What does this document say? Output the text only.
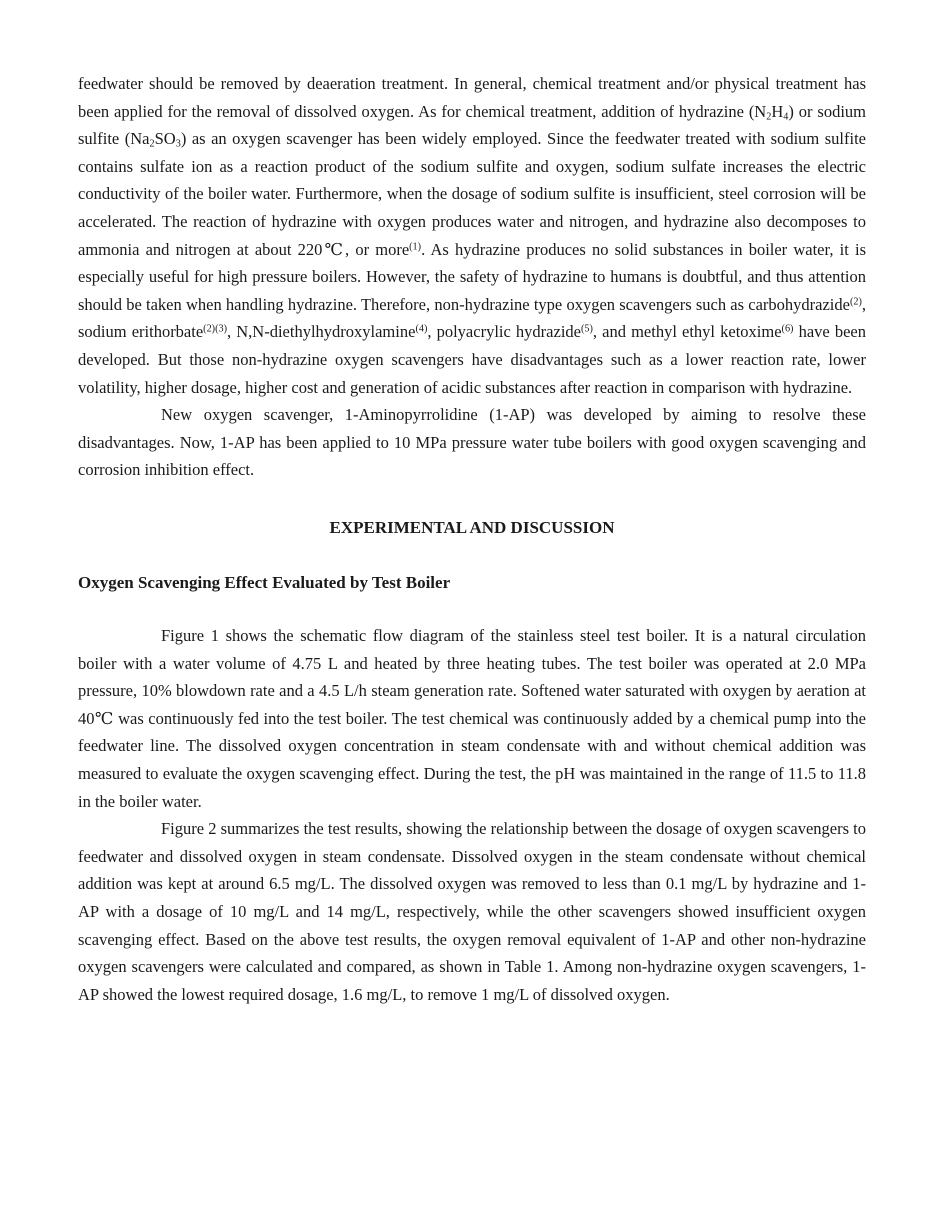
feedwater should be removed by deaeration treatment. In general, chemical treatment and/or physical treatment has been applied for the removal of dissolved oxygen. As for chemical treatment, addition of hydrazine $(N_2H_4)$ or sodium sulfite $(Na_2SO_3)$ as an oxygen scavenger has been widely employed. Since the feedwater treated with sodium sulfite contains sulfate ion as a reaction product of the sodium sulfite and oxygen, sodium sulfate increases the electric conductivity of the boiler water. Furthermore, when the dosage of sodium sulfite is insufficient, steel corrosion will be accelerated. The reaction of hydrazine with oxygen produces water and nitrogen, and hydrazine also decomposes to ammonia and nitrogen at about 220℃, or more$^{(1)}$. As hydrazine produces no solid substances in boiler water, it is especially useful for high pressure boilers. However, the safety of hydrazine to humans is doubtful, and thus attention should be taken when handling hydrazine. Therefore, non-hydrazine type oxygen scavengers such as carbohydrazide$^{(2)}$, sodium erithorbate$^{(2)(3)}$, N,N-diethylhydroxylamine$^{(4)}$, polyacrylic hydrazide$^{(5)}$, and methyl ethyl ketoxime$^{(6)}$ have been developed. But those non-hydrazine oxygen scavengers have disadvantages such as a lower reaction rate, lower volatility, higher dosage, higher cost and generation of acidic substances after reaction in comparison with hydrazine.

New oxygen scavenger, 1-Aminopyrrolidine (1-AP) was developed by aiming to resolve these disadvantages. Now, 1-AP has been applied to 10 MPa pressure water tube boilers with good oxygen scavenging and corrosion inhibition effect.

EXPERIMENTAL AND DISCUSSION
Oxygen Scavenging Effect Evaluated by Test Boiler

Figure 1 shows the schematic flow diagram of the stainless steel test boiler. It is a natural circulation boiler with a water volume of 4.75 L and heated by three heating tubes. The test boiler was operated at 2.0 MPa pressure, 10% blowdown rate and a 4.5 L/h steam generation rate. Softened water saturated with oxygen by aeration at 40℃ was continuously fed into the test boiler. The test chemical was continuously added by a chemical pump into the feedwater line. The dissolved oxygen concentration in steam condensate with and without chemical addition was measured to evaluate the oxygen scavenging effect. During the test, the pH was maintained in the range of 11.5 to 11.8 in the boiler water.

Figure 2 summarizes the test results, showing the relationship between the dosage of oxygen scavengers to feedwater and dissolved oxygen in steam condensate. Dissolved oxygen in the steam condensate without chemical addition was kept at around 6.5 mg/L. The dissolved oxygen was removed to less than 0.1 mg/L by hydrazine and 1-AP with a dosage of 10 mg/L and 14 mg/L, respectively, while the other scavengers showed insufficient oxygen scavenging effect. Based on the above test results, the oxygen removal equivalent of 1-AP and other non-hydrazine oxygen scavengers were calculated and compared, as shown in Table 1. Among non-hydrazine oxygen scavengers, 1-AP showed the lowest required dosage, 1.6 mg/L, to remove 1 mg/L of dissolved oxygen.
